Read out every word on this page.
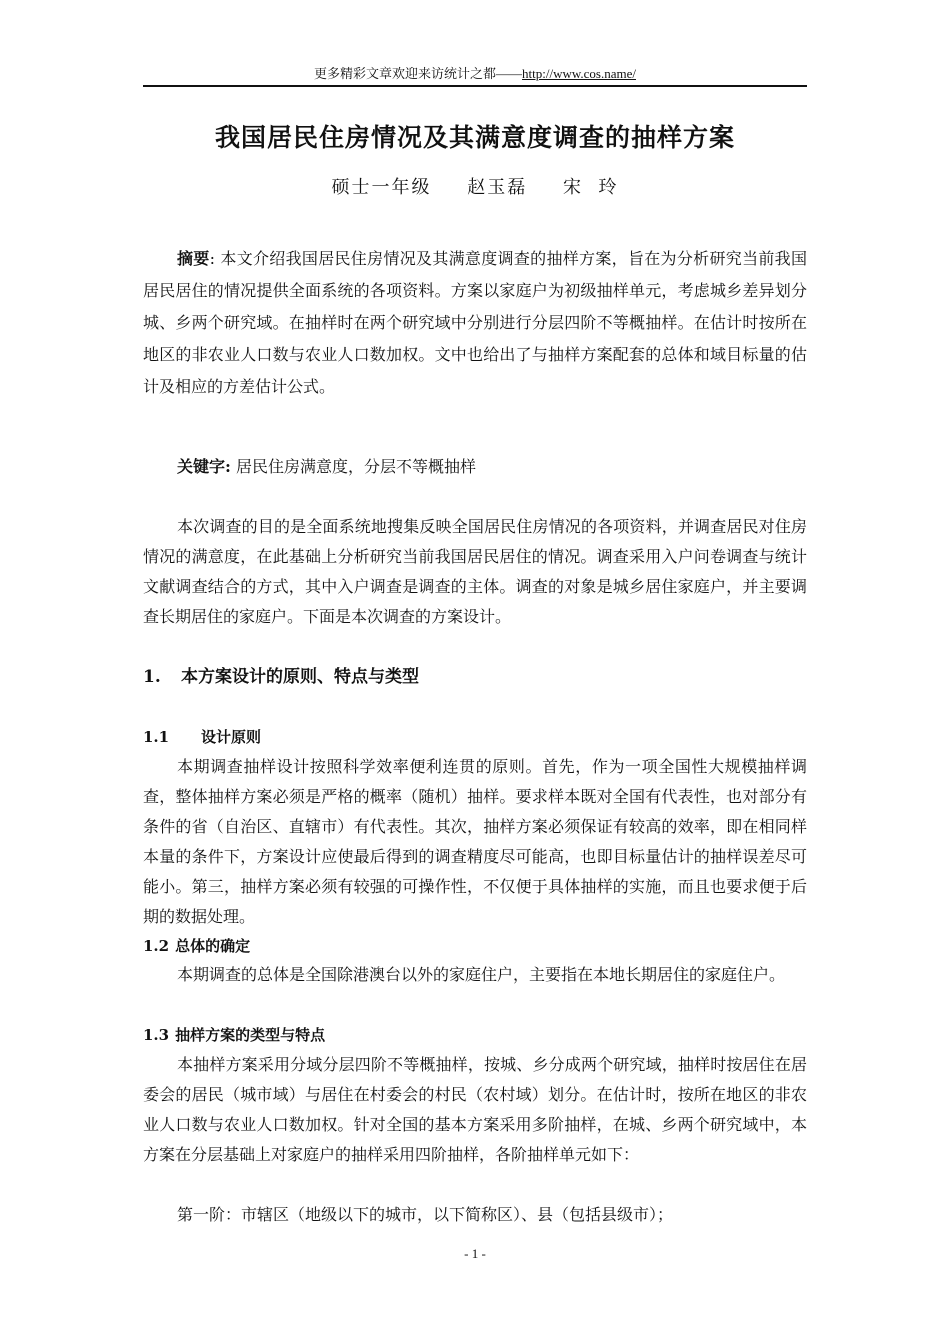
更多精彩文章欢迎来访统计之都——http://www.cos.name/
我国居民住房情况及其满意度调查的抽样方案
硕士一年级 赵玉磊 宋  玲
摘要: 本文介绍我国居民住房情况及其满意度调查的抽样方案，旨在为分析研究当前我国居民居住的情况提供全面系统的各项资料。方案以家庭户为初级抽样单元，考虑城乡差异划分城、乡两个研究域。在抽样时在两个研究域中分别进行分层四阶不等概抽样。在估计时按所在地区的非农业人口数与农业人口数加权。文中也给出了与抽样方案配套的总体和域目标量的估计及相应的方差估计公式。
关键字: 居民住房满意度，分层不等概抽样
本次调查的目的是全面系统地搜集反映全国居民住房情况的各项资料，并调查居民对住房情况的满意度，在此基础上分析研究当前我国居民居住的情况。调查采用入户问卷调查与统计文献调查结合的方式，其中入户调查是调查的主体。调查的对象是城乡居住家庭户，并主要调查长期居住的家庭户。下面是本次调查的方案设计。
1. 本方案设计的原则、特点与类型
1.1 设计原则
本期调查抽样设计按照科学效率便利连贯的原则。首先，作为一项全国性大规模抽样调查，整体抽样方案必须是严格的概率（随机）抽样。要求样本既对全国有代表性，也对部分有条件的省（自治区、直辖市）有代表性。其次，抽样方案必须保证有较高的效率，即在相同样本量的条件下，方案设计应使最后得到的调查精度尽可能高，也即目标量估计的抽样误差尽可能小。第三，抽样方案必须有较强的可操作性，不仅便于具体抽样的实施，而且也要求便于后期的数据处理。
1.2 总体的确定
本期调查的总体是全国除港澳台以外的家庭住户，主要指在本地长期居住的家庭住户。
1.3 抽样方案的类型与特点
本抽样方案采用分域分层四阶不等概抽样，按城、乡分成两个研究域，抽样时按居住在居委会的居民（城市域）与居住在村委会的村民（农村域）划分。在估计时，按所在地区的非农业人口数与农业人口数加权。针对全国的基本方案采用多阶抽样，在城、乡两个研究域中，本方案在分层基础上对家庭户的抽样采用四阶抽样，各阶抽样单元如下：
第一阶：市辖区（地级以下的城市，以下简称区）、县（包括县级市）；
- 1 -
